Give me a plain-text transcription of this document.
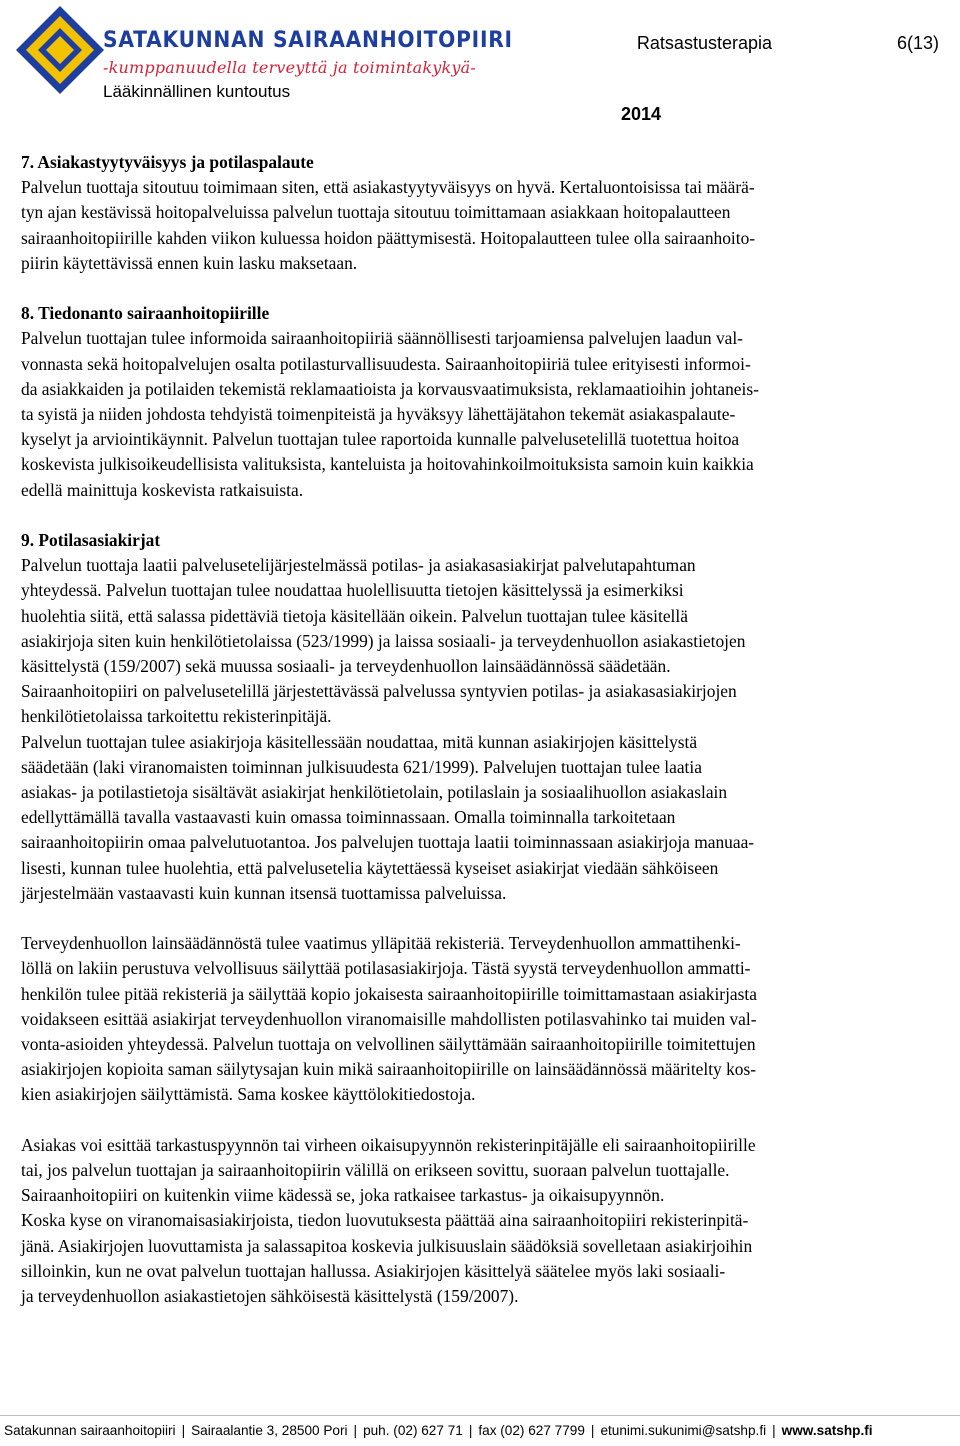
SATAKUNNAN SAIRAANHOITOPIIRI
-kumppanuudella terveyttä ja toimintakykyä-
Lääkinnällinen kuntoutus
Ratsastusterapia	6(13)
2014
7. Asiakastyytyväisyys ja potilaspalaute
Palvelun tuottaja sitoutuu toimimaan siten, että asiakastyytyväisyys on hyvä. Kertaluontoisissa tai määrä-
tyn ajan kestävissä hoitopalveluissa palvelun tuottaja sitoutuu toimittamaan asiakkaan hoitopalautteen
sairaanhoitopiirille kahden viikon kuluessa hoidon päättymisestä. Hoitopalautteen tulee olla sairaanhoito-
piirin käytettävissä ennen kuin lasku maksetaan.
8. Tiedonanto sairaanhoitopiirille
Palvelun tuottajan tulee informoida sairaanhoitopiiriä säännöllisesti tarjoamiensa palvelujen laadun val-
vonnasta sekä hoitopalvelujen osalta potilasturvallisuudesta. Sairaanhoitopiiriä tulee erityisesti informoi-
da asiakkaiden ja potilaiden tekemistä reklamaatioista ja korvausvaatimuksista, reklamaatioihin johtaneis-
ta syistä ja niiden johdosta tehdyistä toimenpiteistä ja hyväksyy lähettäjätahon tekemät asiakaspalaute-
kyselyt ja arviointikäynnit. Palvelun tuottajan tulee raportoida kunnalle palvelusetelillä tuotettua hoitoa
koskevista julkisoikeudellisista valituksista, kanteluista ja hoitovahinkoilmoituksista samoin kuin kaikkia
edellä mainittuja koskevista ratkaisuista.
9. Potilasasiakirjat
Palvelun tuottaja laatii palvelusetelijärjestelmässä potilas- ja asiakasasiakirjat palvelutapahtuman
yhteydessä. Palvelun tuottajan tulee noudattaa huolellisuutta tietojen käsittelyssä ja esimerkiksi
huolehtia siitä, että salassa pidettäviä tietoja käsitellään oikein. Palvelun tuottajan tulee käsitellä
asiakirjoja siten kuin henkilötietolaissa (523/1999) ja laissa sosiaali- ja terveydenhuollon asiakastietojen
käsittelystä (159/2007) sekä muussa sosiaali- ja terveydenhuollon lainsäädännössä säädetään.
Sairaanhoitopiiri on palvelusetelillä järjestettävässä palvelussa syntyvien potilas- ja asiakasasiakirjojen
henkilötietolaissa tarkoitettu rekisterinpitäjä.
Palvelun tuottajan tulee asiakirjoja käsitellessään noudattaa, mitä kunnan asiakirjojen käsittelystä
säädetään (laki viranomaisten toiminnan julkisuudesta 621/1999). Palvelujen tuottajan tulee laatia
asiakas- ja potilastietoja sisältävät asiakirjat henkilötietolain, potilaslain ja sosiaalihuollon asiakaslain
edellyttämällä tavalla vastaavasti kuin omassa toiminnassaan. Omalla toiminnalla tarkoitetaan
sairaanhoitopiirin omaa palvelutuotantoa. Jos palvelujen tuottaja laatii toiminnassaan asiakirjoja manuaa-
lisesti, kunnan tulee huolehtia, että palvelusetelia käytettäessä kyseiset asiakirjat viedään sähköiseen
järjestelmään vastaavasti kuin kunnan itsensä tuottamissa palveluissa.
Terveydenhuollon lainsäädännöstä tulee vaatimus ylläpitää rekisteriä. Terveydenhuollon ammattihenki-
löllä on lakiin perustuva velvollisuus säilyttää potilasasiakirjoja. Tästä syystä terveydenhuollon ammatti-
henkilön tulee pitää rekisteriä ja säilyttää kopio jokaisesta sairaanhoitopiirille toimittamastaan asiakirjasta
voidakseen esittää asiakirjat terveydenhuollon viranomaisille mahdollisten potilasvahinko tai muiden val-
vonta-asioiden yhteydessä. Palvelun tuottaja on velvollinen säilyttämään sairaanhoitopiirille toimitettujen
asiakirjojen kopioita saman säilytysajan kuin mikä sairaanhoitopiirille on lainsäädännössä määritelty kos-
kien asiakirjojen säilyttämistä. Sama koskee käyttölokitiedostoja.
Asiakas voi esittää tarkastuspyynnön tai virheen oikaisupyynnön rekisterinpitäjälle eli sairaanhoitopiirille
tai, jos palvelun tuottajan ja sairaanhoitopiirin välillä on erikseen sovittu, suoraan palvelun tuottajalle.
Sairaanhoitopiiri on kuitenkin viime kädessä se, joka ratkaisee tarkastus- ja oikaisupyynnön.
Koska kyse on viranomaisasiakirjoista, tiedon luovutuksesta päättää aina sairaanhoitopiiri rekisterinpitä-
jänä. Asiakirjojen luovuttamista ja salassapitoa koskevia julkisuuslain säädöksiä sovelletaan asiakirjoihin
silloinkin, kun ne ovat palvelun tuottajan hallussa. Asiakirjojen käsittelyä säätelee myös laki sosiaali-
ja terveydenhuollon asiakastietojen sähköisestä käsittelystä (159/2007).
Satakunnan sairaanhoitopiiri | Sairaalantie 3, 28500 Pori | puh. (02) 627 71 | fax (02) 627 7799 | etunimi.sukunimi@satshp.fi | www.satshp.fi
